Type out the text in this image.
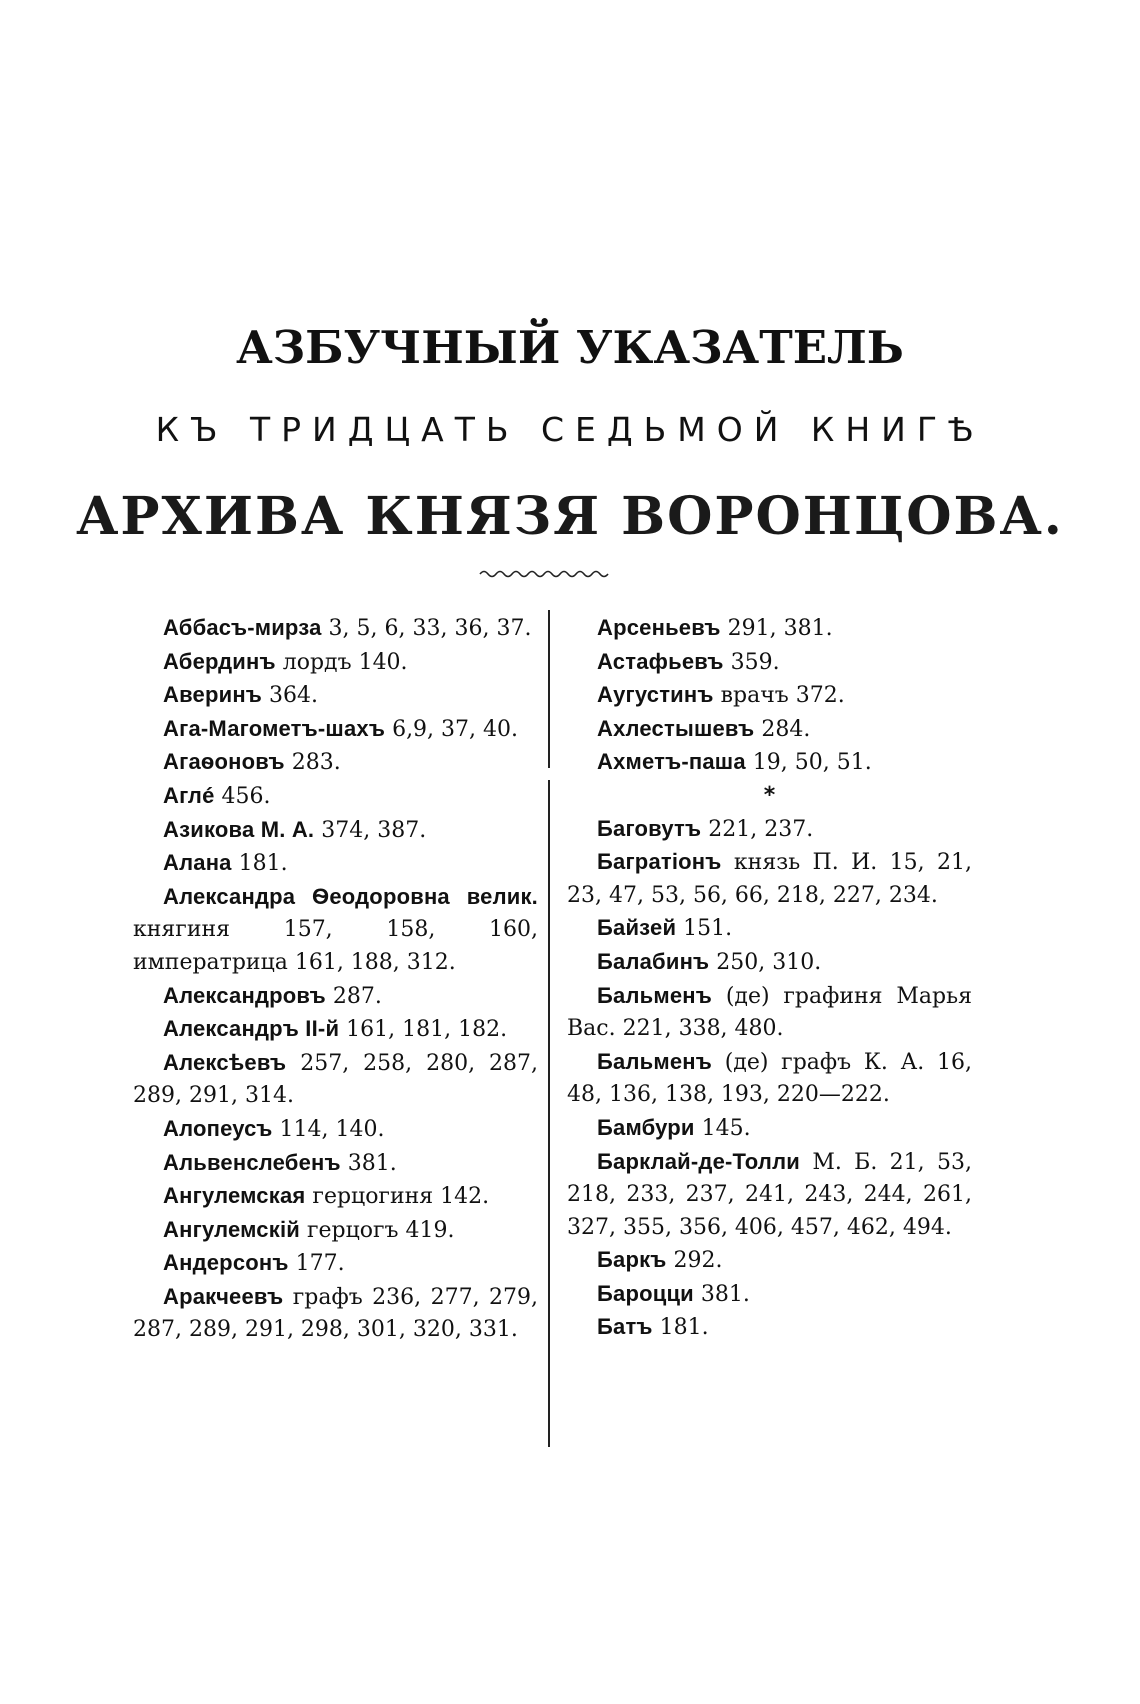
АЗБУЧНЫЙ УКАЗАТЕЛЬ
КЪ ТРИДЦАТЬ СЕДЬМОЙ КНИГѢ
АРХИВА КНЯЗЯ ВОРОНЦОВА.

Аббасъ-мирза 3, 5, 6, 33, 36, 37.

Абердинъ лордъ 140.

Аверинъ 364.

Ага-Магометъ-шахъ 6,9, 37, 40.

Агаѳоновъ 283.

Аглé 456.

Азикова М. А. 374, 387.

Алана 181.

Александра Ѳеодоровна велик. княгиня 157, 158, 160, императрица 161, 188, 312.

Александровъ 287.

Александръ II-й 161, 181, 182.

Алексѣевъ 257, 258, 280, 287, 289, 291, 314.

Алопеусъ 114, 140.

Альвенслебенъ 381.

Ангулемская герцогиня 142.

Ангулемскій герцогъ 419.

Андерсонъ 177.

Аракчеевъ графъ 236, 277, 279, 287, 289, 291, 298, 301, 320, 331.

Арсеньевъ 291, 381.

Астафьевъ 359.

Аугустинъ врачъ 372.

Ахлестышевъ 284.

Ахметъ-паша 19, 50, 51.

*

Баговутъ 221, 237.

Багратіонъ князь П. И. 15, 21, 23, 47, 53, 56, 66, 218, 227, 234.

Байзей 151.

Балабинъ 250, 310.

Бальменъ (де) графиня Марья Вас. 221, 338, 480.

Бальменъ (де) графъ К. А. 16, 48, 136, 138, 193, 220—222.

Бамбури 145.

Барклай-де-Толли М. Б. 21, 53, 218, 233, 237, 241, 243, 244, 261, 327, 355, 356, 406, 457, 462, 494.

Баркъ 292.

Бароцци 381.

Батъ 181.
